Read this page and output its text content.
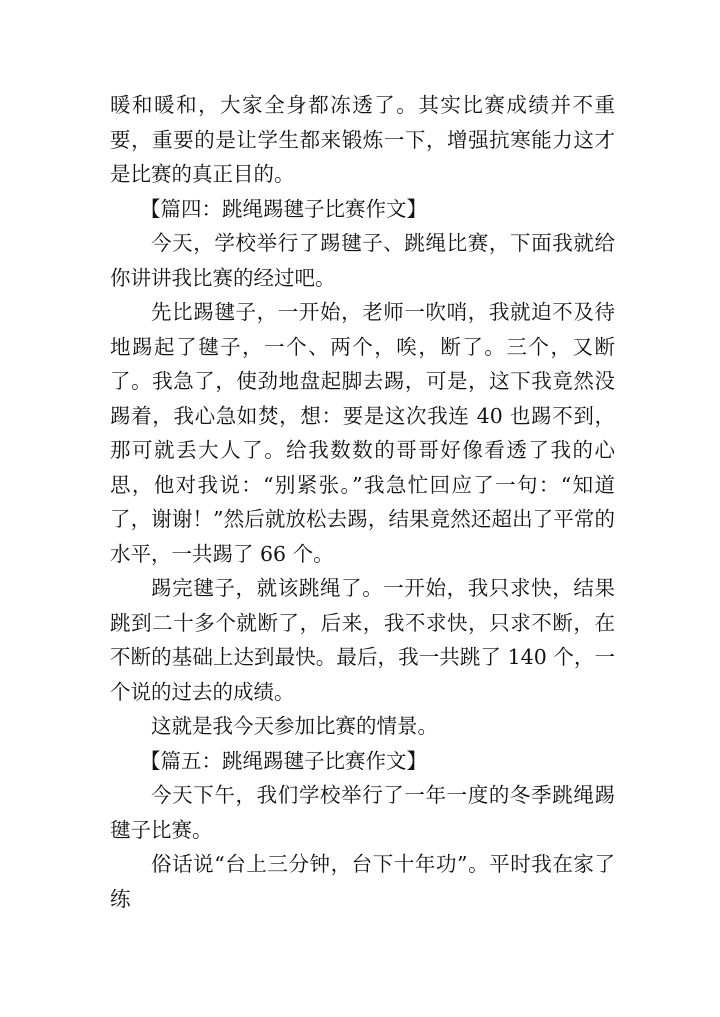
暖和暖和，大家全身都冻透了。其实比赛成绩并不重要，重要的是让学生都来锻炼一下，增强抗寒能力这才是比赛的真正目的。

【篇四：跳绳踢毽子比赛作文】

今天，学校举行了踢毽子、跳绳比赛，下面我就给你讲讲我比赛的经过吧。

先比踢毽子，一开始，老师一吹哨，我就迫不及待地踢起了毽子，一个、两个，唉，断了。三个，又断了。我急了，使劲地盘起脚去踢，可是，这下我竟然没踢着，我心急如焚，想：要是这次我连 40 也踢不到，那可就丢大人了。给我数数的哥哥好像看透了我的心思，他对我说：“别紧张。”我急忙回应了一句：“知道了，谢谢！”然后就放松去踢，结果竟然还超出了平常的水平，一共踢了 66 个。

踢完毽子，就该跳绳了。一开始，我只求快，结果跳到二十多个就断了，后来，我不求快，只求不断，在不断的基础上达到最快。最后，我一共跳了 140 个，一个说的过去的成绩。

这就是我今天参加比赛的情景。

【篇五：跳绳踢毽子比赛作文】

今天下午，我们学校举行了一年一度的冬季跳绳踢毽子比赛。

俗话说“台上三分钟，台下十年功”。平时我在家了练
